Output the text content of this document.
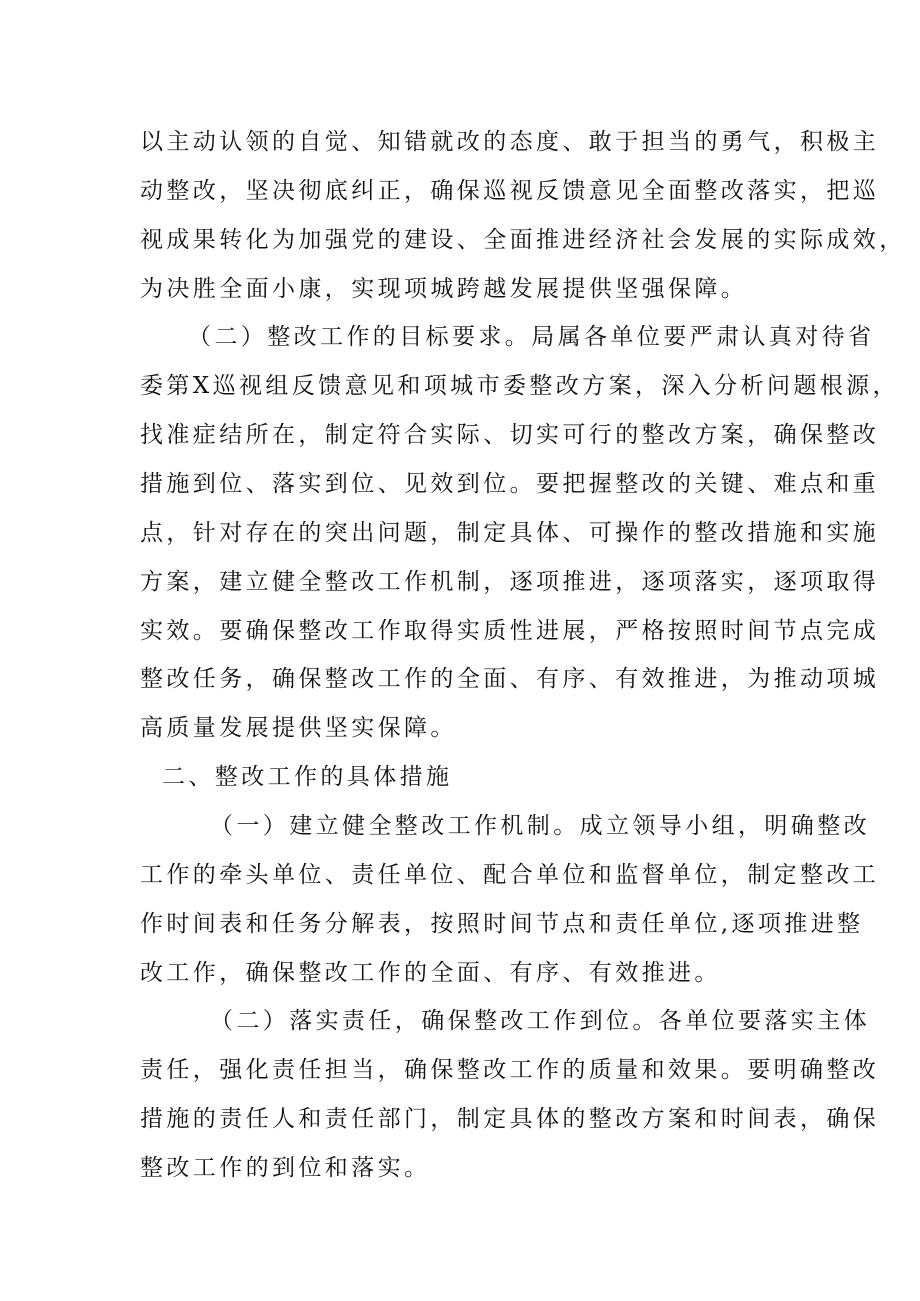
以主动认领的自觉、知错就改的态度、敢于担当的勇气，积极主
动整改，坚决彻底纠正，确保巡视反馈意见全面整改落实，把巡
视成果转化为加强党的建设、全面推进经济社会发展的实际成效，
为决胜全面小康，实现项城跨越发展提供坚强保障。
（二）整改工作的目标要求。局属各单位要严肃认真对待省
委第X巡视组反馈意见和项城市委整改方案，深入分析问题根源，
找准症结所在，制定符合实际、切实可行的整改方案，确保整改
措施到位、落实到位、见效到位。要把握整改的关键、难点和重
点，针对存在的突出问题，制定具体、可操作的整改措施和实施
方案，建立健全整改工作机制，逐项推进，逐项落实，逐项取得
实效。要确保整改工作取得实质性进展，严格按照时间节点完成
整改任务，确保整改工作的全面、有序、有效推进，为推动项城
高质量发展提供坚实保障。
二、整改工作的具体措施
（一）建立健全整改工作机制。成立领导小组，明确整改
工作的牵头单位、责任单位、配合单位和监督单位，制定整改工
作时间表和任务分解表，按照时间节点和责任单位,逐项推进整
改工作，确保整改工作的全面、有序、有效推进。
（二）落实责任，确保整改工作到位。各单位要落实主体
责任，强化责任担当，确保整改工作的质量和效果。要明确整改
措施的责任人和责任部门，制定具体的整改方案和时间表，确保
整改工作的到位和落实。
